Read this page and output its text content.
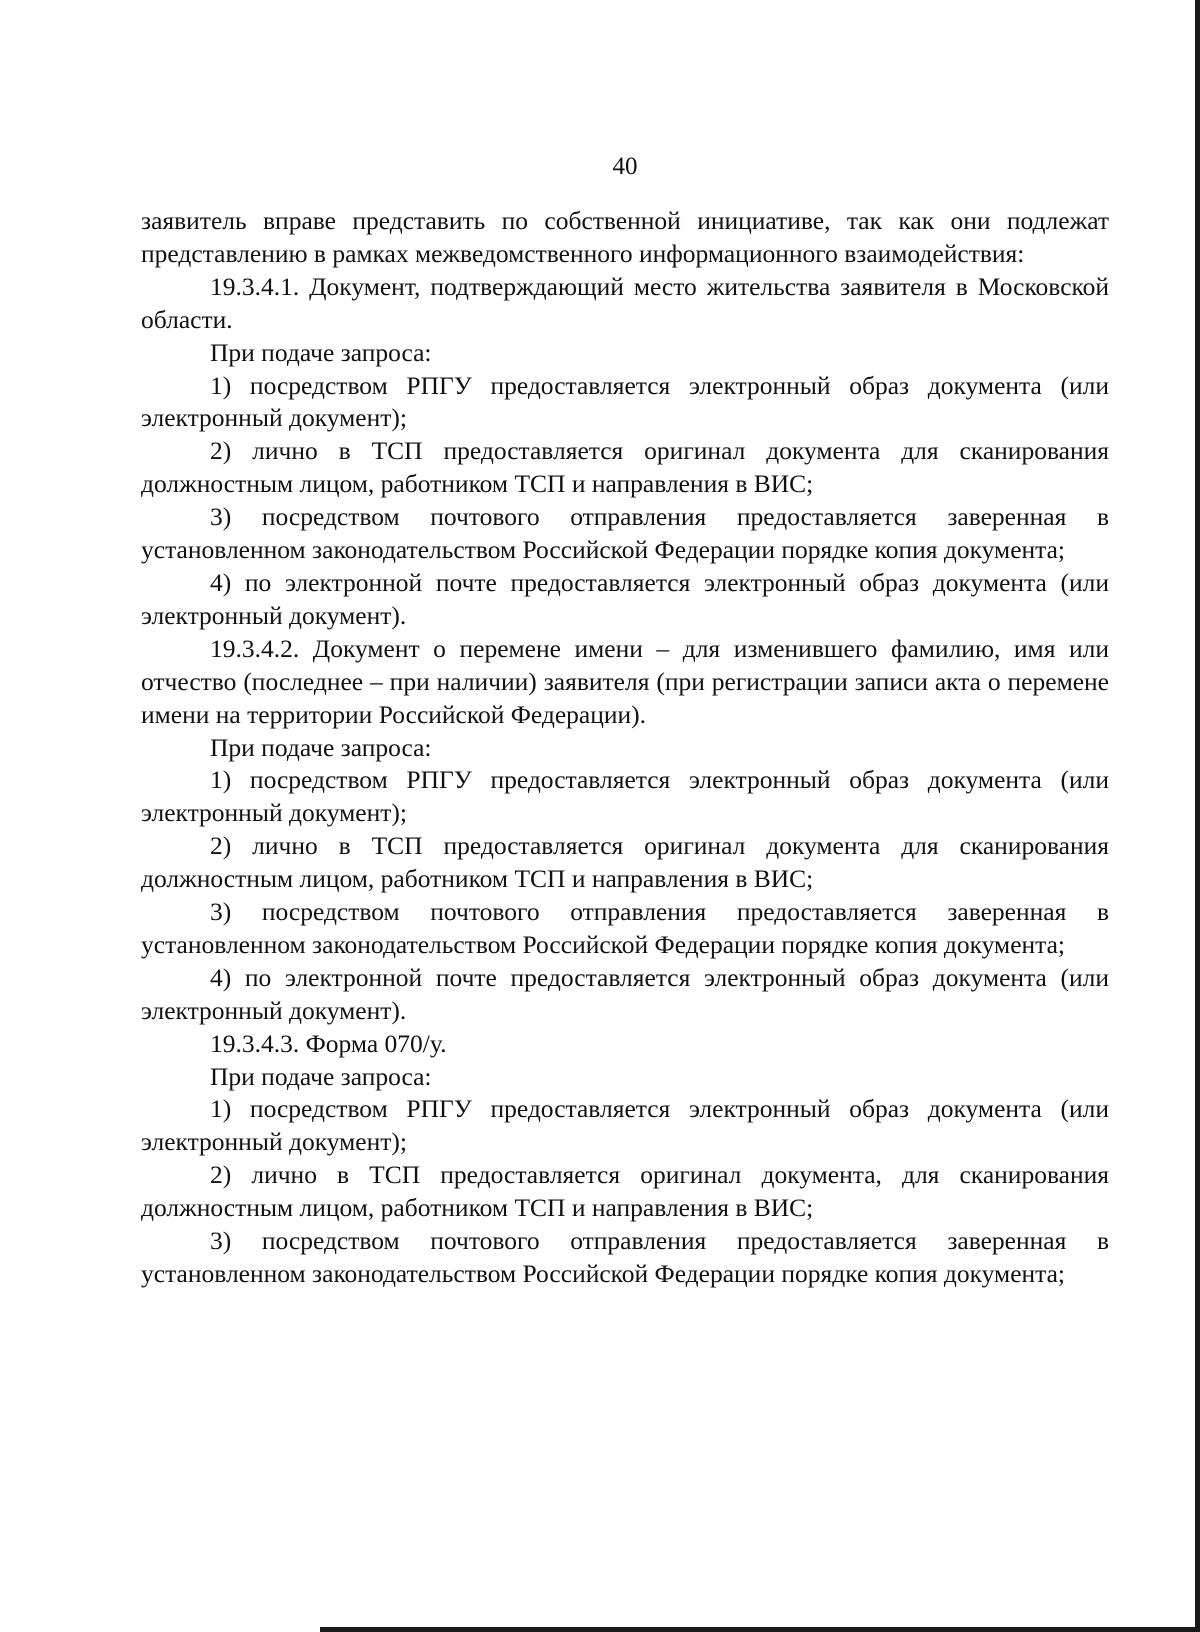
40

заявитель вправе представить по собственной инициативе, так как они подлежат представлению в рамках межведомственного информационного взаимодействия:

19.3.4.1. Документ, подтверждающий место жительства заявителя в Московской области.

При подаче запроса:

1) посредством РПГУ предоставляется электронный образ документа (или электронный документ);

2) лично в ТСП предоставляется оригинал документа для сканирования должностным лицом, работником ТСП и направления в ВИС;

3) посредством почтового отправления предоставляется заверенная в установленном законодательством Российской Федерации порядке копия документа;

4) по электронной почте предоставляется электронный образ документа (или электронный документ).

19.3.4.2. Документ о перемене имени – для изменившего фамилию, имя или отчество (последнее – при наличии) заявителя (при регистрации записи акта о перемене имени на территории Российской Федерации).

При подаче запроса:

1) посредством РПГУ предоставляется электронный образ документа (или электронный документ);

2) лично в ТСП предоставляется оригинал документа для сканирования должностным лицом, работником ТСП и направления в ВИС;

3) посредством почтового отправления предоставляется заверенная в установленном законодательством Российской Федерации порядке копия документа;

4) по электронной почте предоставляется электронный образ документа (или электронный документ).

19.3.4.3. Форма 070/у.

При подаче запроса:

1) посредством РПГУ предоставляется электронный образ документа (или электронный документ);

2) лично в ТСП предоставляется оригинал документа, для сканирования должностным лицом, работником ТСП и направления в ВИС;

3) посредством почтового отправления предоставляется заверенная в установленном законодательством Российской Федерации порядке копия документа;
